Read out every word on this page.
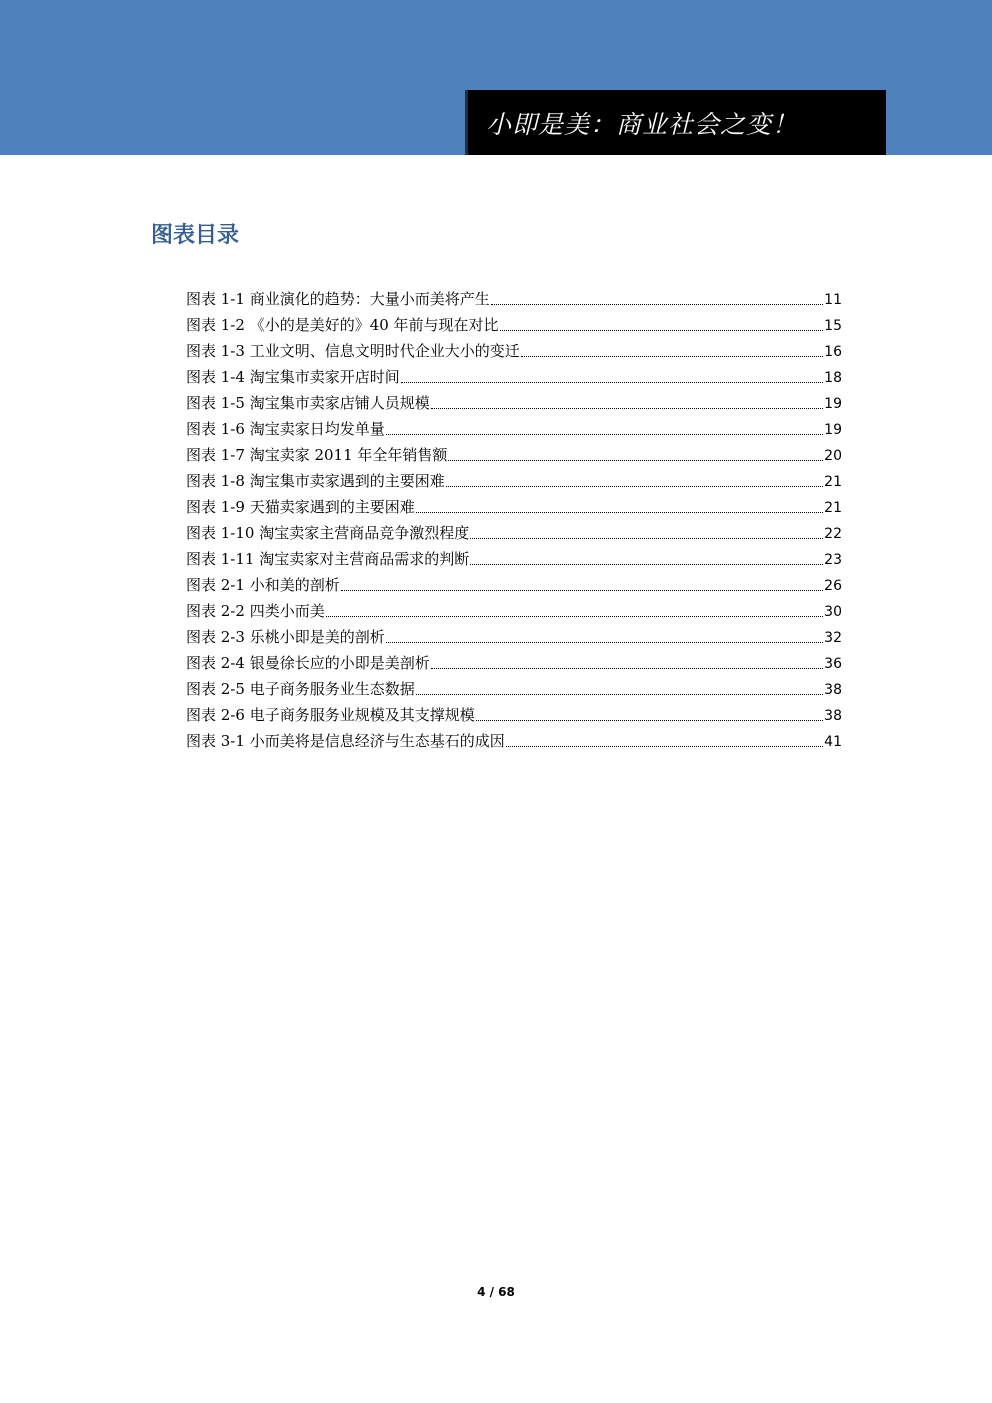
小即是美：商业社会之变！
图表目录
图表 1-1 商业演化的趋势：大量小而美将产生	11
图表 1-2 《小的是美好的》40 年前与现在对比	15
图表 1-3 工业文明、信息文明时代企业大小的变迁	16
图表 1-4 淘宝集市卖家开店时间	18
图表 1-5 淘宝集市卖家店铺人员规模	19
图表 1-6 淘宝卖家日均发单量	19
图表 1-7 淘宝卖家 2011 年全年销售额	20
图表 1-8 淘宝集市卖家遇到的主要困难	21
图表 1-9 天猫卖家遇到的主要困难	21
图表 1-10 淘宝卖家主营商品竞争激烈程度	22
图表 1-11 淘宝卖家对主营商品需求的判断	23
图表 2-1 小和美的剖析	26
图表 2-2 四类小而美	30
图表 2-3 乐桃小即是美的剖析	32
图表 2-4 银曼徐长应的小即是美剖析	36
图表 2-5 电子商务服务业生态数据	38
图表 2-6 电子商务服务业规模及其支撑规模	38
图表 3-1 小而美将是信息经济与生态基石的成因	41
4 / 68
